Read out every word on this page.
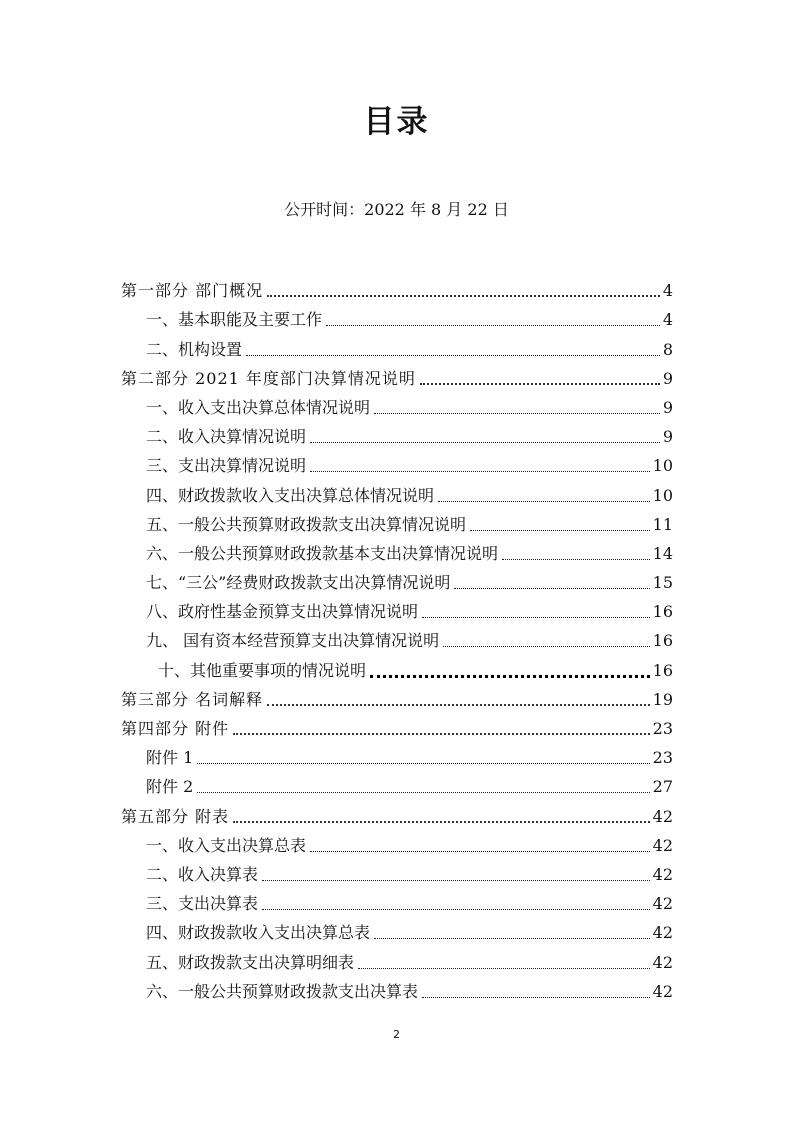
目录
公开时间：2022 年 8 月 22 日
第一部分 部门概况	4
一、基本职能及主要工作	4
二、机构设置	8
第二部分 2021 年度部门决算情况说明	9
一、收入支出决算总体情况说明	9
二、收入决算情况说明	9
三、支出决算情况说明	10
四、财政拨款收入支出决算总体情况说明	10
五、一般公共预算财政拨款支出决算情况说明	11
六、一般公共预算财政拨款基本支出决算情况说明	14
七、“三公”经费财政拨款支出决算情况说明	15
八、政府性基金预算支出决算情况说明	16
九、 国有资本经营预算支出决算情况说明	16
十、其他重要事项的情况说明	16
第三部分 名词解释	19
第四部分 附件	23
附件 1	23
附件 2	27
第五部分 附表	42
一、收入支出决算总表	42
二、收入决算表	42
三、支出决算表	42
四、财政拨款收入支出决算总表	42
五、财政拨款支出决算明细表	42
六、一般公共预算财政拨款支出决算表	42
2
